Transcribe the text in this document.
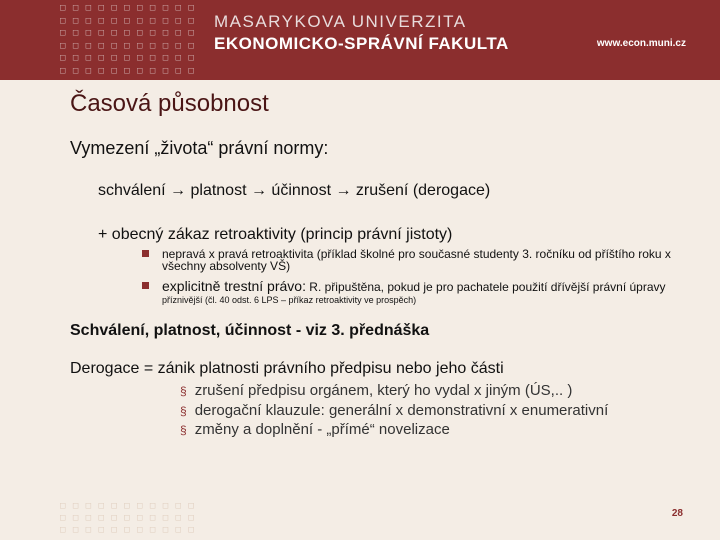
□ □ □ □ □ □ □ □ □ □ □
□ □ □ □ □ □ □ □ □ □ □
□ □ □ □ □ □ □ □ □ □ □
□ □ □ □ □ □ □ □ □ □ □
□ □ □ □ □ □ □ □ □ □ □
□ □ □ □ □ □ □ □ □ □ □
MASARYKOVA UNIVERZITA
EKONOMICKO-SPRÁVNÍ FAKULTA	www.econ.muni.cz
Časová působnost
Vymezení „života“ právní normy:
schválení → platnost → účinnost → zrušení (derogace)
+ obecný zákaz retroaktivity (princip právní jistoty)
nepravá x pravá retroaktivita (příklad školné pro současné studenty 3. ročníku od příštího roku x všechny absolventy VŠ)
explicitně trestní právo: R. připuštěna, pokud je pro pachatele použití dřívější právní úpravy
příznivější (čl. 40 odst. 6 LPS – příkaz retroaktivity ve prospěch)
Schválení, platnost, účinnost - viz 3. přednáška
Derogace = zánik platnosti právního předpisu nebo jeho části
§ zrušení předpisu orgánem, který ho vydal x jiným (ÚS,.. )
§ derogační klauzule: generální x demonstrativní x enumerativní
§ změny a doplnění - „přímé“ novelizace
□ □ □ □ □ □ □ □ □ □ □
□ □ □ □ □ □ □ □ □ □ □
□ □ □ □ □ □ □ □ □ □ □
28
